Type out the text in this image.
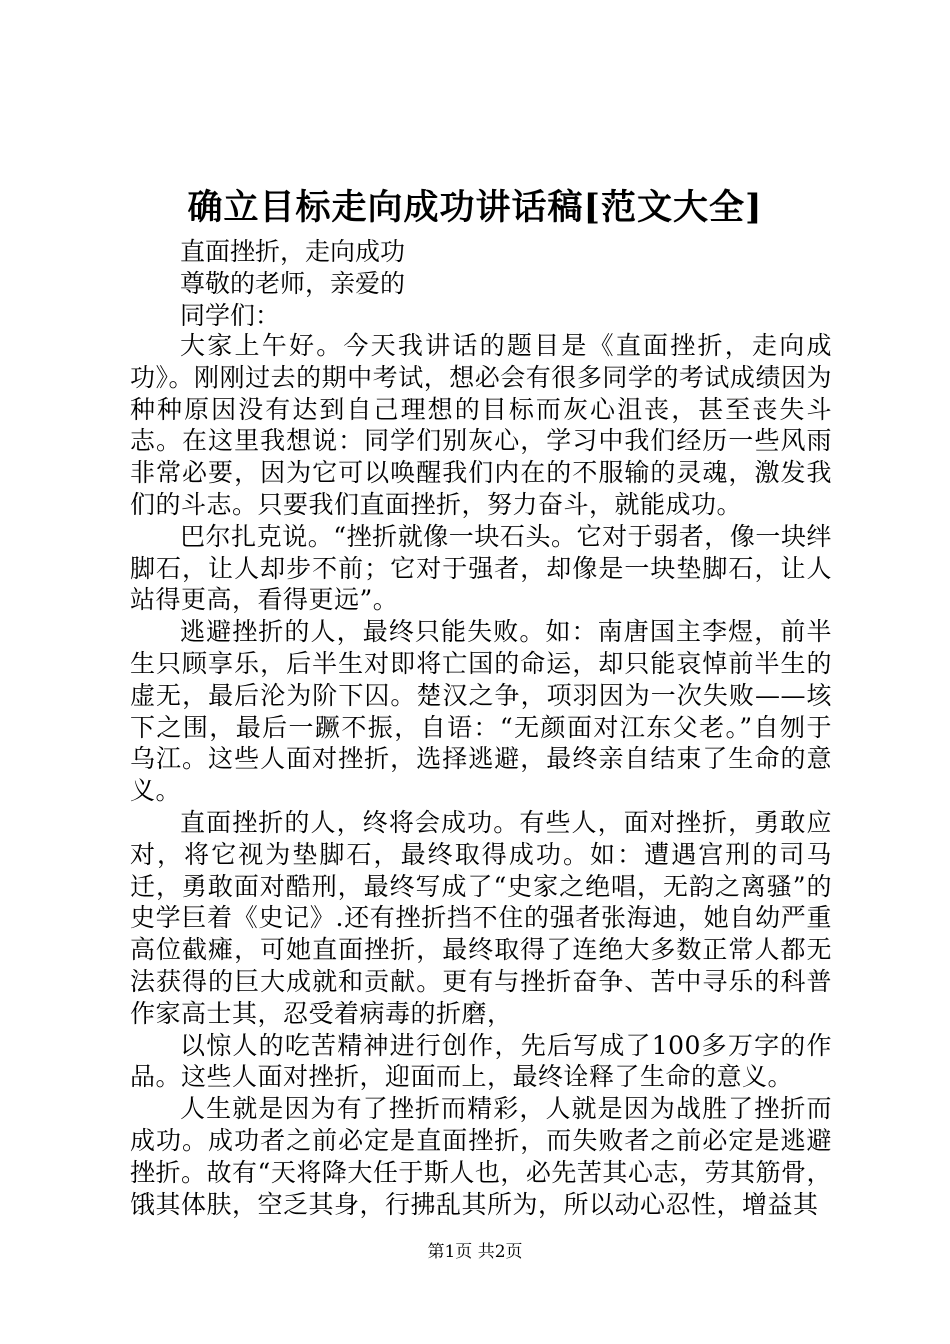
确立目标走向成功讲话稿[范文大全]
直面挫折，走向成功
尊敬的老师，亲爱的
同学们：

大家上午好。今天我讲话的题目是《直面挫折，走向成功》。刚刚过去的期中考试，想必会有很多同学的考试成绩因为种种原因没有达到自己理想的目标而灰心沮丧，甚至丧失斗志。在这里我想说：同学们别灰心，学习中我们经历一些风雨非常必要，因为它可以唤醒我们内在的不服输的灵魂，激发我们的斗志。只要我们直面挫折，努力奋斗，就能成功。

巴尔扎克说。“挫折就像一块石头。它对于弱者，像一块绊脚石，让人却步不前；它对于强者，却像是一块垫脚石，让人站得更高，看得更远”。

逃避挫折的人，最终只能失败。如：南唐国主李煜，前半生只顾享乐，后半生对即将亡国的命运，却只能哀悼前半生的虚无，最后沦为阶下囚。楚汉之争，项羽因为一次失败——垓下之围，最后一蹶不振，自语：“无颜面对江东父老。”自刎于乌江。这些人面对挫折，选择逃避，最终亲自结束了生命的意义。

直面挫折的人，终将会成功。有些人，面对挫折，勇敢应对，将它视为垫脚石，最终取得成功。如：遭遇宫刑的司马迁，勇敢面对酷刑，最终写成了“史家之绝唱，无韵之离骚”的史学巨着《史记》.还有挫折挡不住的强者张海迪，她自幼严重高位截瘫，可她直面挫折，最终取得了连绝大多数正常人都无法获得的巨大成就和贡献。更有与挫折奋争、苦中寻乐的科普作家高士其，忍受着病毒的折磨，

以惊人的吃苦精神进行创作，先后写成了100多万字的作品。这些人面对挫折，迎面而上，最终诠释了生命的意义。

人生就是因为有了挫折而精彩，人就是因为战胜了挫折而成功。成功者之前必定是直面挫折，而失败者之前必定是逃避挫折。故有“天将降大任于斯人也，必先苦其心志，劳其筋骨，饿其体肤，空乏其身，行拂乱其所为，所以动心忍性，增益其

第1页 共2页
